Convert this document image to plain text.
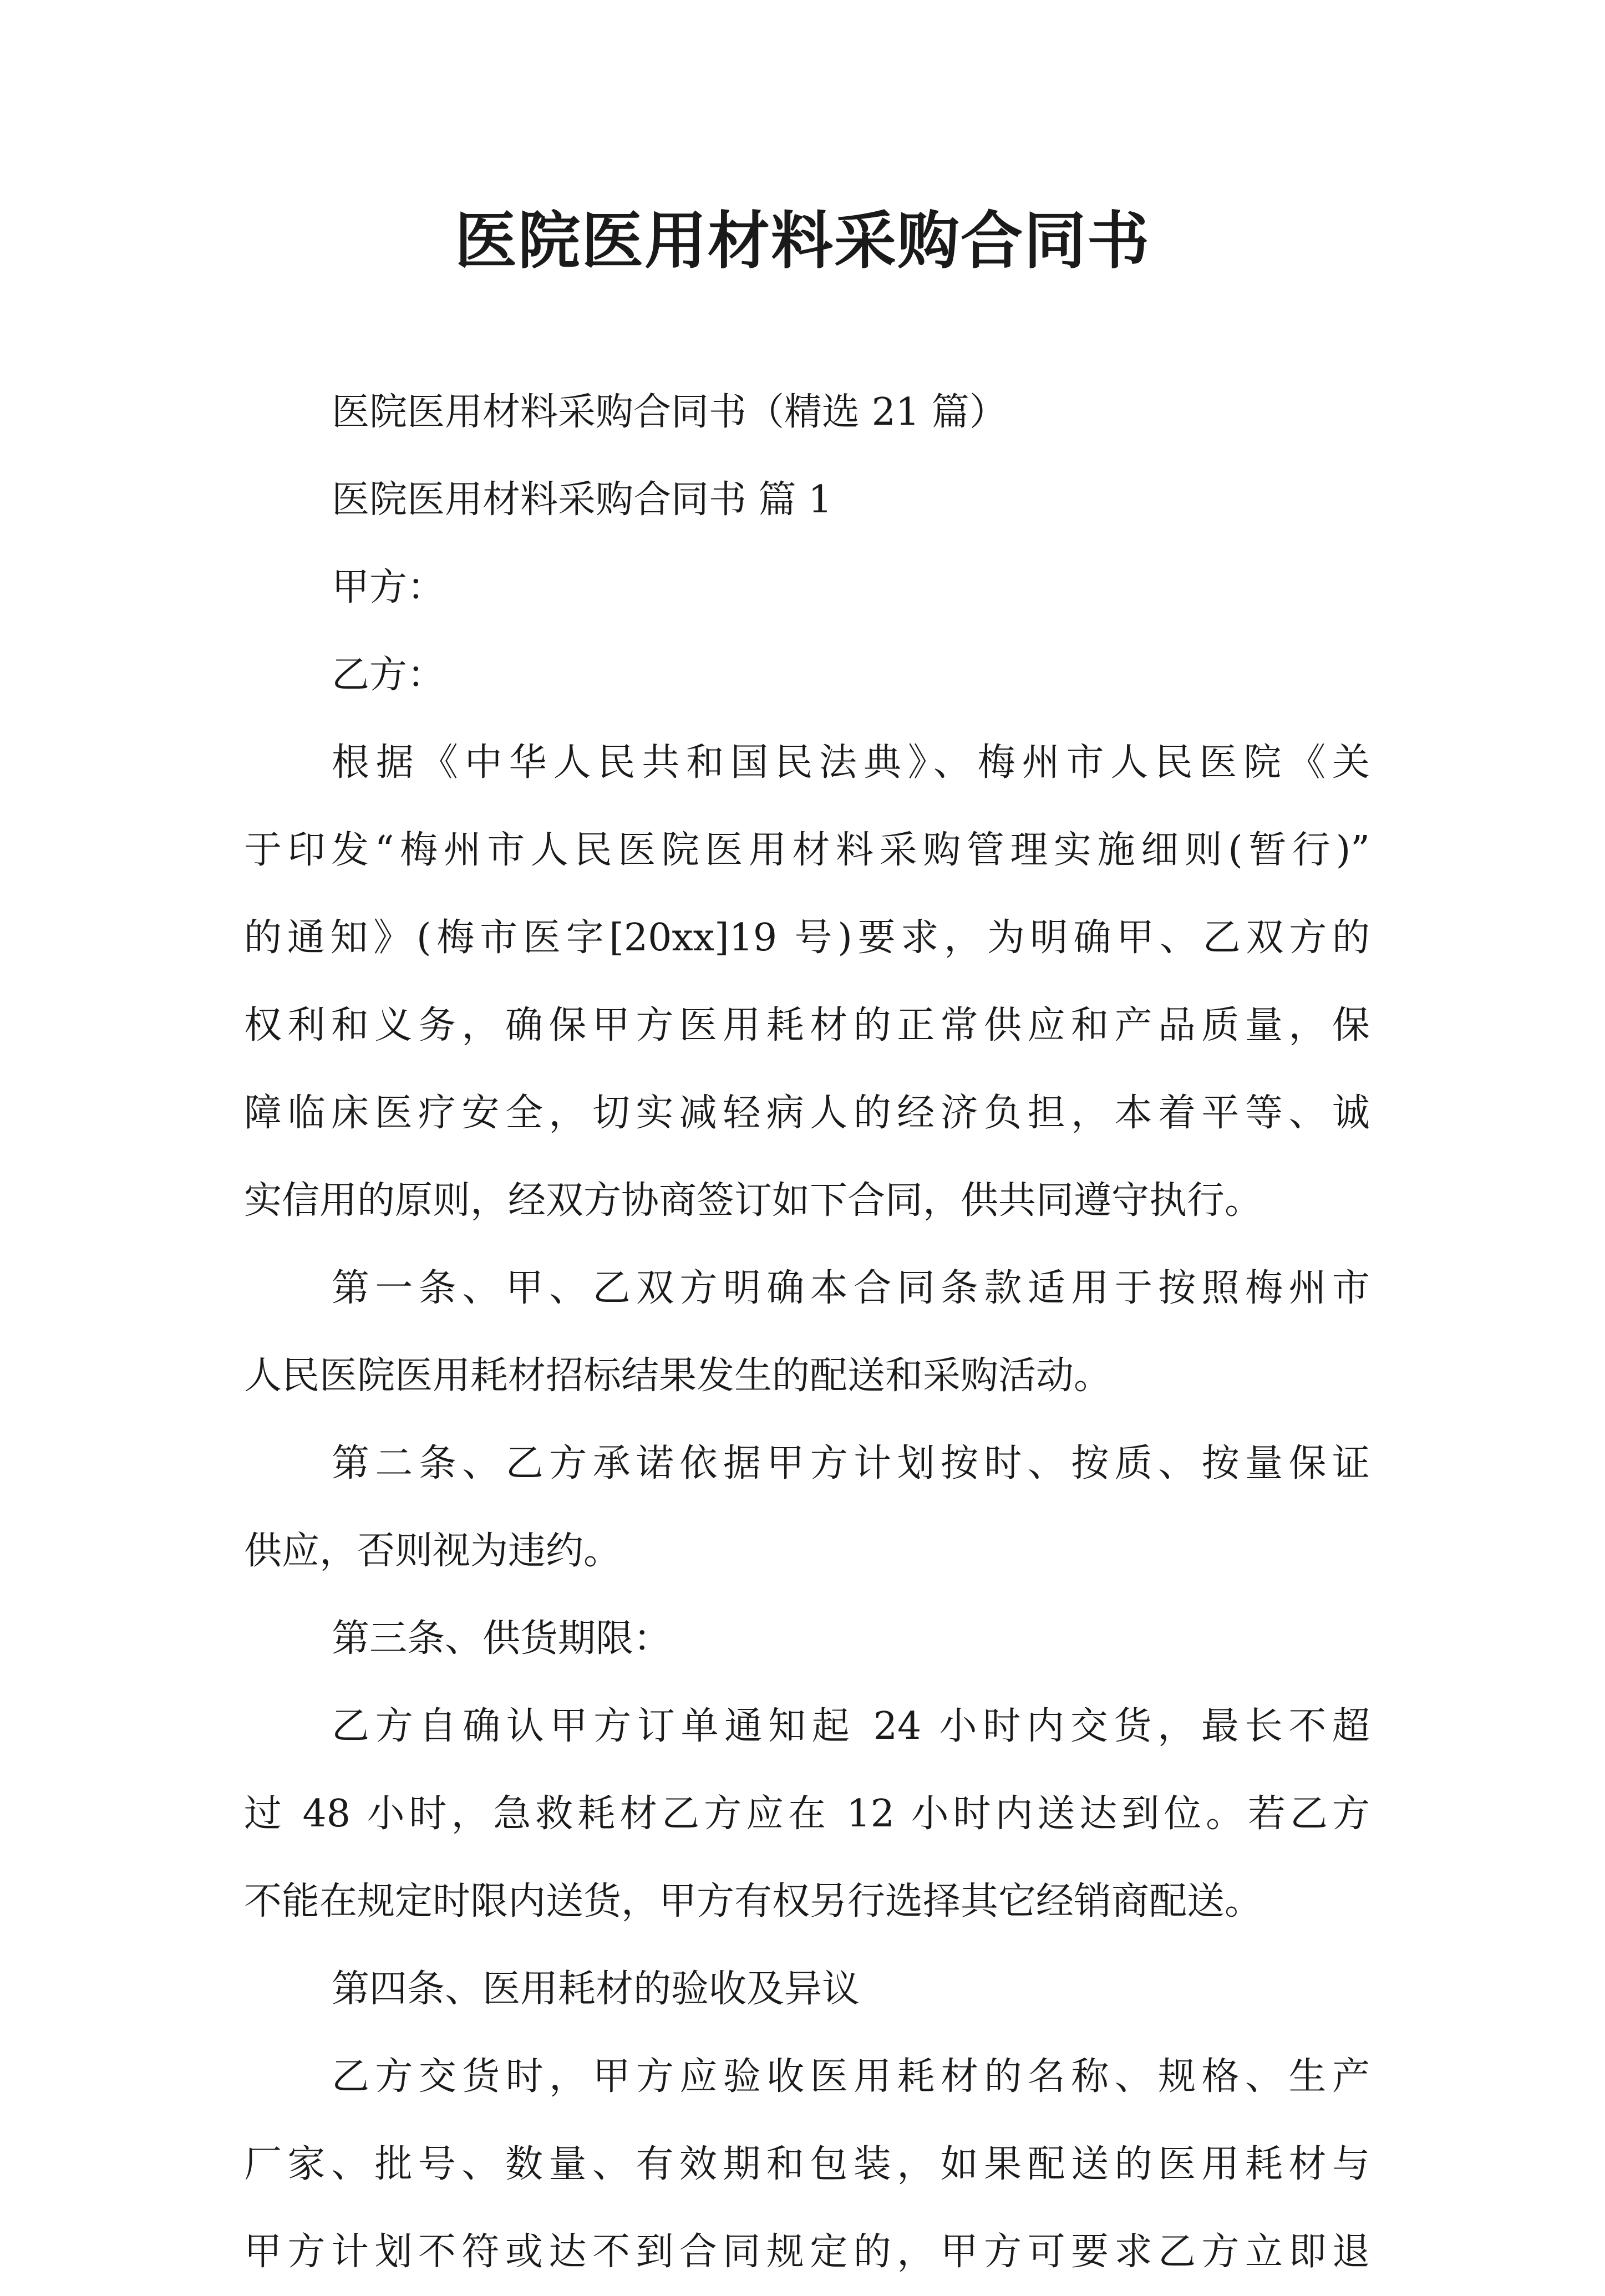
医院医用材料采购合同书

医院医用材料采购合同书（精选 21 篇）

医院医用材料采购合同书 篇 1

甲方：

乙方：

根据《中华人民共和国民法典》、梅州市人民医院《关

于印发“梅州市人民医院医用材料采购管理实施细则(暂行)”

的通知》(梅市医字[20xx]19 号)要求，为明确甲、乙双方的

权利和义务，确保甲方医用耗材的正常供应和产品质量，保

障临床医疗安全，切实减轻病人的经济负担，本着平等、诚

实信用的原则，经双方协商签订如下合同，供共同遵守执行。

第一条、甲、乙双方明确本合同条款适用于按照梅州市

人民医院医用耗材招标结果发生的配送和采购活动。

第二条、乙方承诺依据甲方计划按时、按质、按量保证

供应，否则视为违约。

第三条、供货期限：

乙方自确认甲方订单通知起 24 小时内交货，最长不超

过 48 小时，急救耗材乙方应在 12 小时内送达到位。若乙方

不能在规定时限内送货，甲方有权另行选择其它经销商配送。

第四条、医用耗材的验收及异议

乙方交货时，甲方应验收医用耗材的名称、规格、生产

厂家、批号、数量、有效期和包装，如果配送的医用耗材与

甲方计划不符或达不到合同规定的，甲方可要求乙方立即退
